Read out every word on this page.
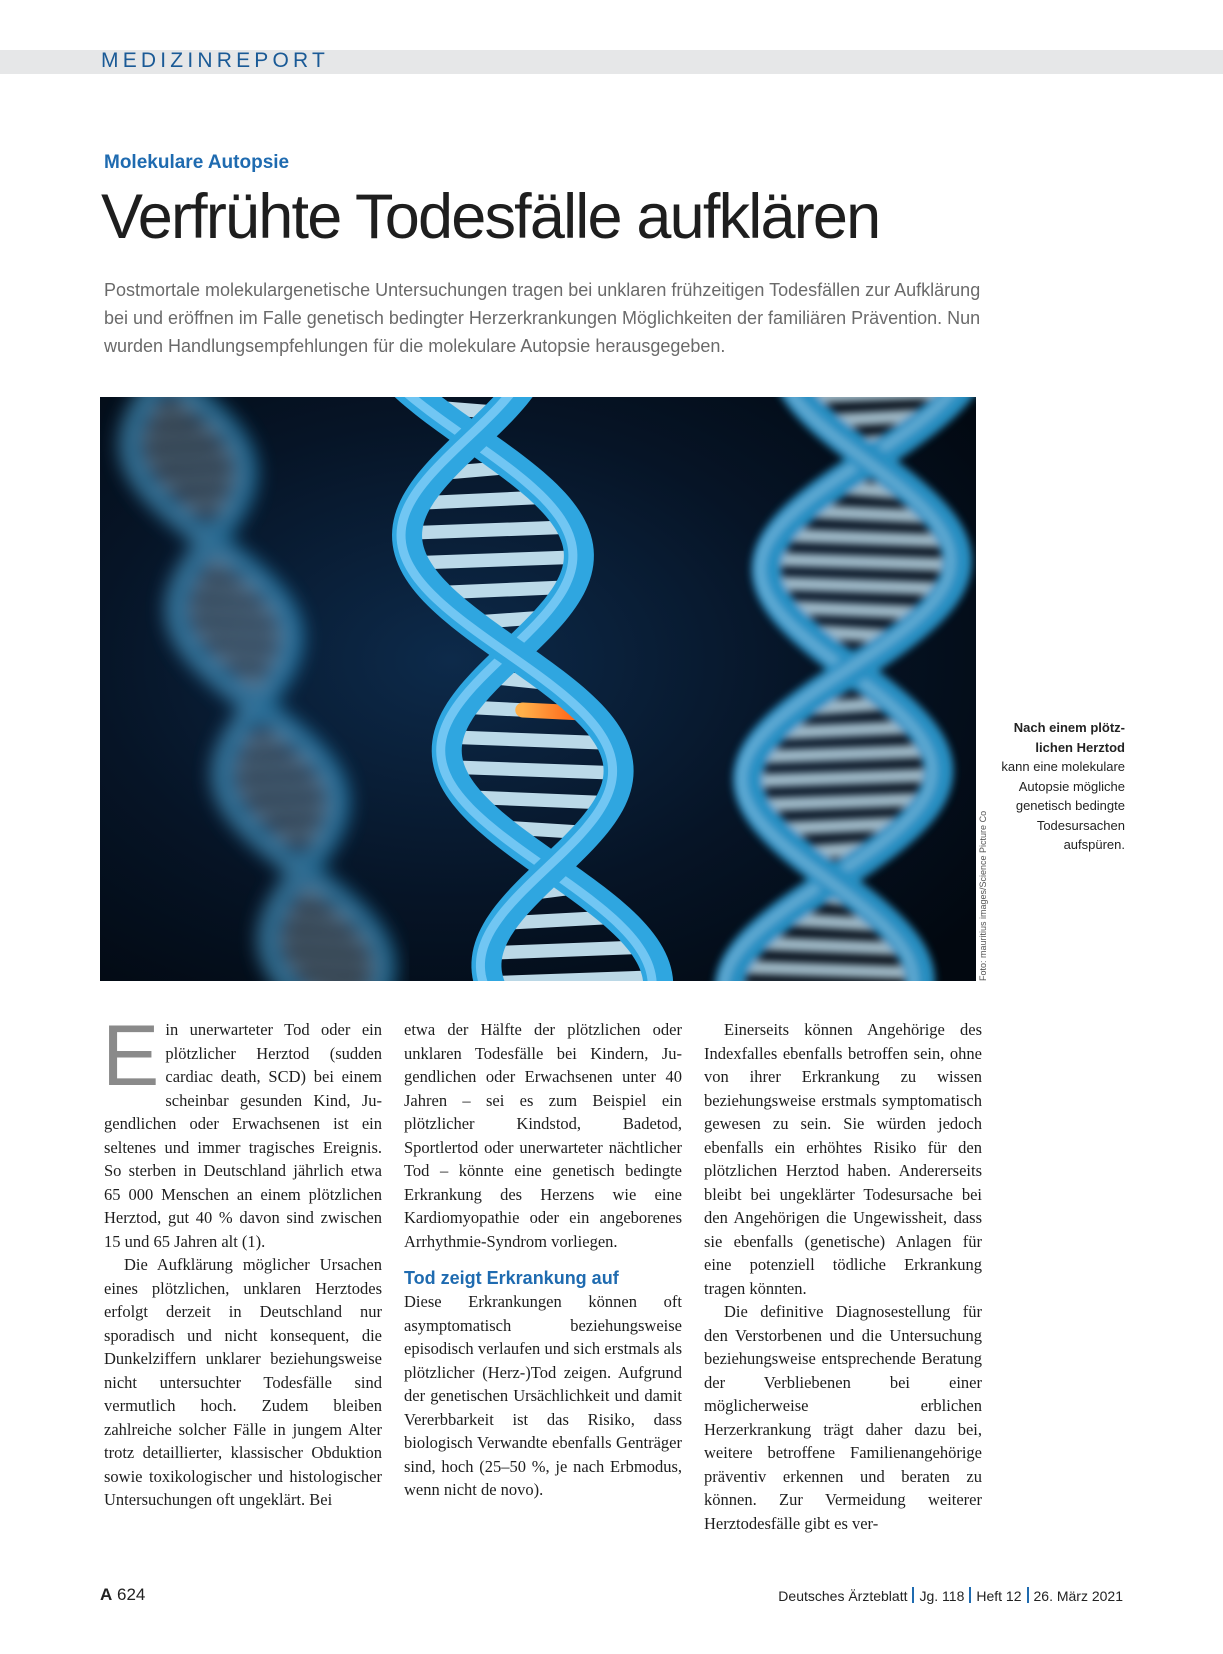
MEDIZINREPORT
Molekulare Autopsie
Verfrühte Todesfälle aufklären

Postmortale molekulargenetische Untersuchungen tragen bei unklaren frühzeitigen Todesfällen zur Aufklärung bei und eröffnen im Falle genetisch bedingter Herzerkrankungen Möglichkeiten der familiären Prävention. Nun wurden Handlungsempfehlungen für die molekulare Autopsie herausgegeben.

Foto: mauritius images/Science Picture Co
Nach einem plötzlichen Herztod
kann eine molekulare Autopsie mögliche genetisch bedingte Todesursachen aufspüren.

Ein unerwarteter Tod oder ein plötzlicher Herztod (sudden cardiac death, SCD) bei einem scheinbar gesunden Kind, Jugendlichen oder Erwachsenen ist ein seltenes und immer tragisches Ereignis. So sterben in Deutschland jährlich etwa 65 000 Menschen an einem plötzlichen Herztod, gut 40 % davon sind zwischen 15 und 65 Jahren alt (1).

Die Aufklärung möglicher Ursachen eines plötzlichen, unklaren Herztodes erfolgt derzeit in Deutschland nur sporadisch und nicht konsequent, die Dunkelziffern unklarer beziehungsweise nicht untersuchter Todesfälle sind vermutlich hoch. Zudem bleiben zahlreiche solcher Fälle in jungem Alter trotz detaillierter, klassischer Obduktion sowie toxikologischer und histologischer Untersuchungen oft ungeklärt. Bei

etwa der Hälfte der plötzlichen oder unklaren Todesfälle bei Kindern, Jugendlichen oder Erwachsenen unter 40 Jahren – sei es zum Beispiel ein plötzlicher Kindstod, Badetod, Sportlertod oder unerwarteter nächtlicher Tod – könnte eine genetisch bedingte Erkrankung des Herzens wie eine Kardiomyopathie oder ein angeborenes Arrhythmie-Syndrom vorliegen.

Tod zeigt Erkrankung auf

Diese Erkrankungen können oft asymptomatisch beziehungsweise episodisch verlaufen und sich erstmals als plötzlicher (Herz-)Tod zeigen. Aufgrund der genetischen Ursächlichkeit und damit Vererbbarkeit ist das Risiko, dass biologisch Verwandte ebenfalls Genträger sind, hoch (25–50 %, je nach Erbmodus, wenn nicht de novo).

Einerseits können Angehörige des Indexfalles ebenfalls betroffen sein, ohne von ihrer Erkrankung zu wissen beziehungsweise erstmals symptomatisch gewesen zu sein. Sie würden jedoch ebenfalls ein erhöhtes Risiko für den plötzlichen Herztod haben. Andererseits bleibt bei ungeklärter Todesursache bei den Angehörigen die Ungewissheit, dass sie ebenfalls (genetische) Anlagen für eine potenziell tödliche Erkrankung tragen könnten.

Die definitive Diagnosestellung für den Verstorbenen und die Untersuchung beziehungsweise entsprechende Beratung der Verbliebenen bei einer möglicherweise erblichen Herzerkrankung trägt daher dazu bei, weitere betroffene Familienangehörige präventiv erkennen und beraten zu können. Zur Vermeidung weiterer Herztodesfälle gibt es ver-

A 624	Deutsches Ärzteblatt Jg. 118 Heft 12 26. März 2021
